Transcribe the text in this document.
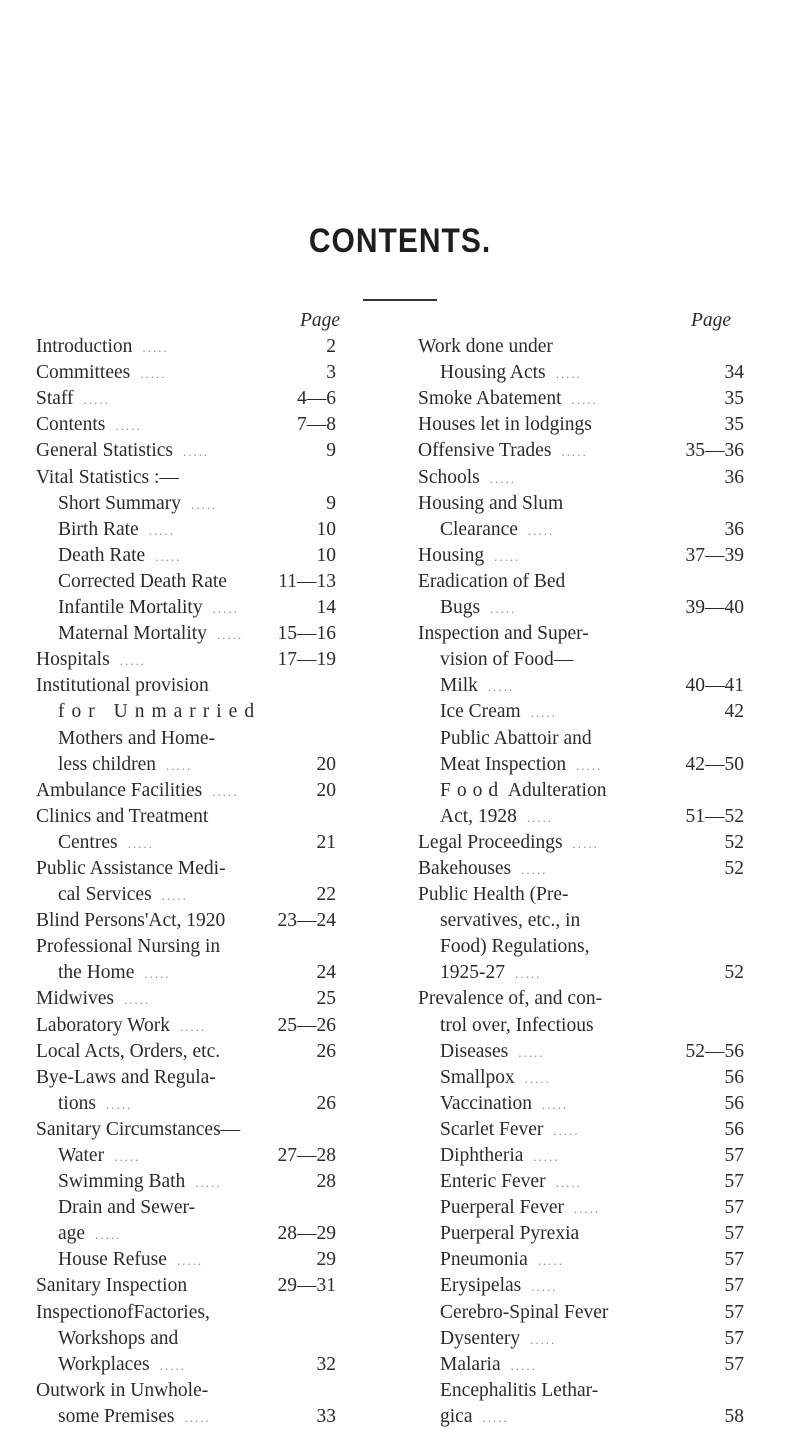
CONTENTS.
Page
Introduction .....	2
Committees .....	3
Staff .....	4—6
Contents .....	7—8
General Statistics .....	9
Vital Statistics :—
Short Summary .....	9
Birth Rate .....	10
Death Rate .....	10
Corrected Death Rate	11—13
Infantile Mortality .....	14
Maternal Mortality ..... 15—16
Hospitals .....	17—19
Institutional provision
for Unmarried
Mothers and Home-
less children .....	20
Ambulance Facilities .....	20
Clinics and Treatment
Centres .....	21
Public Assistance Medi-
cal Services .....	22
Blind Persons'Act, 1920	23—24
Professional Nursing in
the Home .....	24
Midwives .....	25
Laboratory Work .....	25—26
Local Acts, Orders, etc.	26
Bye-Laws and Regula-
tions .....	26
Sanitary Circumstances—
Water .....	27—28
Swimming Bath .....	28
Drain and Sewer-
age .....	28—29
House Refuse .....	29
Sanitary Inspection	29—31
InspectionofFactories,
Workshops and
Workplaces .....	32
Outwork in Unwhole-
some Premises .....	33
Page
Work done under
Housing Acts .....	34
Smoke Abatement .....	35
Houses let in lodgings	35
Offensive Trades .....	35—36
Schools .....	36
Housing and Slum
Clearance .....	36
Housing .....	37—39
Eradication of Bed
Bugs .....	39—40
Inspection and Super-
vision of Food—
Milk .....	40—41
Ice Cream .....	42
Public Abattoir and
Meat Inspection .....	42—50
Food Adulteration
Act, 1928 .....	51—52
Legal Proceedings .....	52
Bakehouses .....	52
Public Health (Pre-
servatives, etc., in
Food) Regulations,
1925-27 .....	52
Prevalence of, and con-
trol over, Infectious
Diseases .....	52—56
Smallpox .....	56
Vaccination .....	56
Scarlet Fever .....	56
Diphtheria .....	57
Enteric Fever .....	57
Puerperal Fever .....	57
Puerperal Pyrexia	57
Pneumonia .....	57
Erysipelas .....	57
Cerebro-Spinal Fever	57
Dysentery .....	57
Malaria .....	57
Encephalitis Lethar-
gica .....	58
